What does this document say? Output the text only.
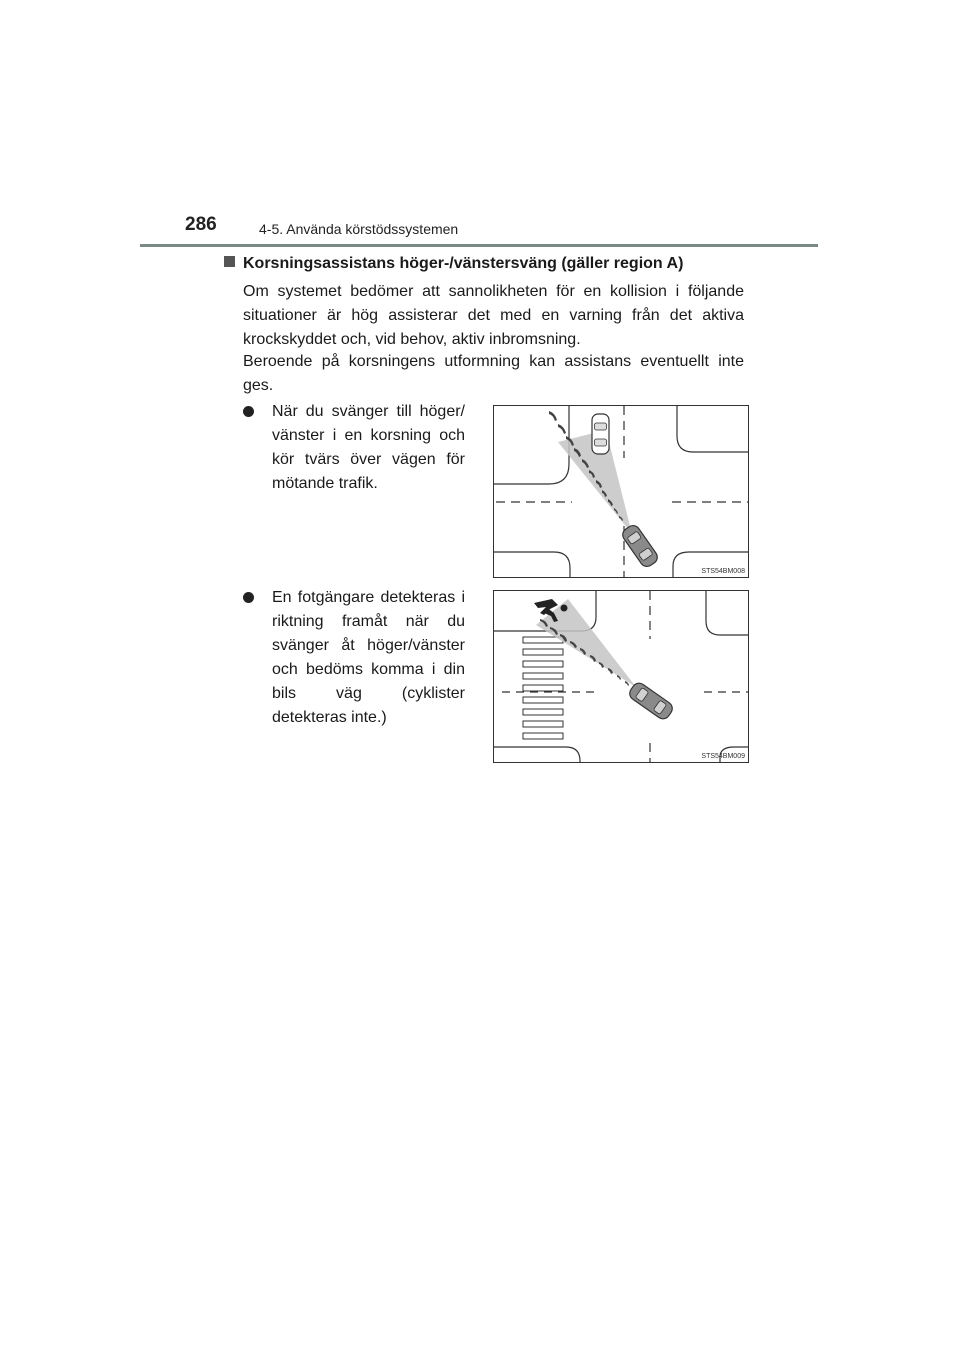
286	4-5. Använda körstödssystemen
Korsningsassistans höger-/vänstersväng (gäller region A)
Om systemet bedömer att sannolikheten för en kollision i följande situationer är hög assisterar det med en varning från det aktiva krockskyddet och, vid behov, aktiv inbromsning.
Beroende på korsningens utformning kan assistans eventuellt inte ges.
När du svänger till höger/ vänster i en korsning och kör tvärs över vägen för mötande trafik.
STS54BM008
En fotgängare detekteras i riktning framåt när du svänger åt höger/vänster och bedöms komma i din bils väg (cyklister detekteras inte.)
STS54BM009
